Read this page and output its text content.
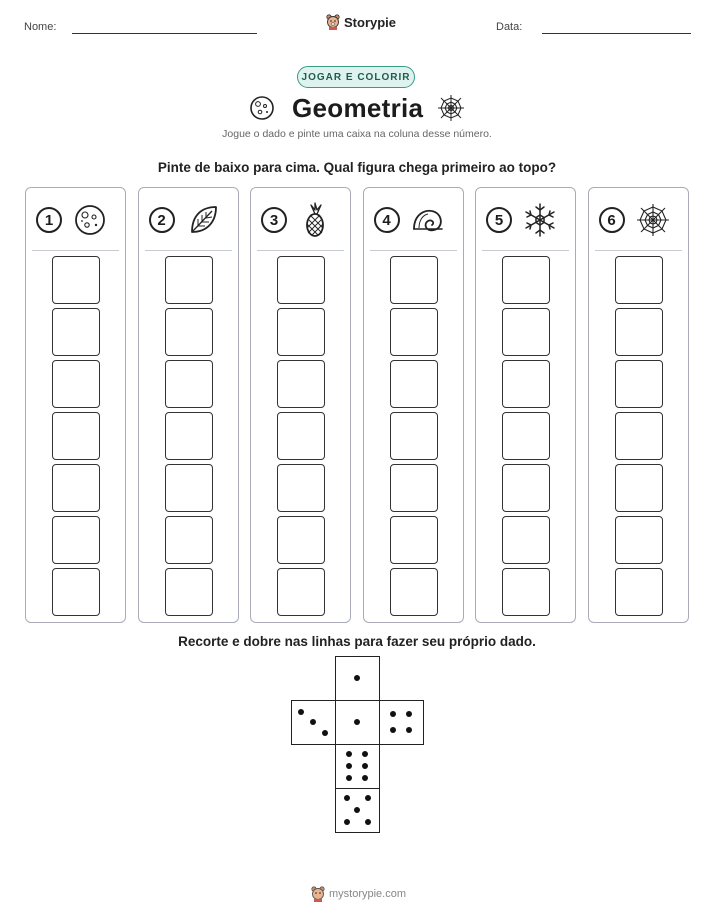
Nome:	Storypie	Data:
JOGAR E COLORIR
Geometria
Jogue o dado e pinte uma caixa na coluna desse número.
Pinte de baixo para cima. Qual figura chega primeiro ao topo?
1	2	3	4	5	6
Recorte e dobre nas linhas para fazer seu próprio dado.
mystorypie.com
